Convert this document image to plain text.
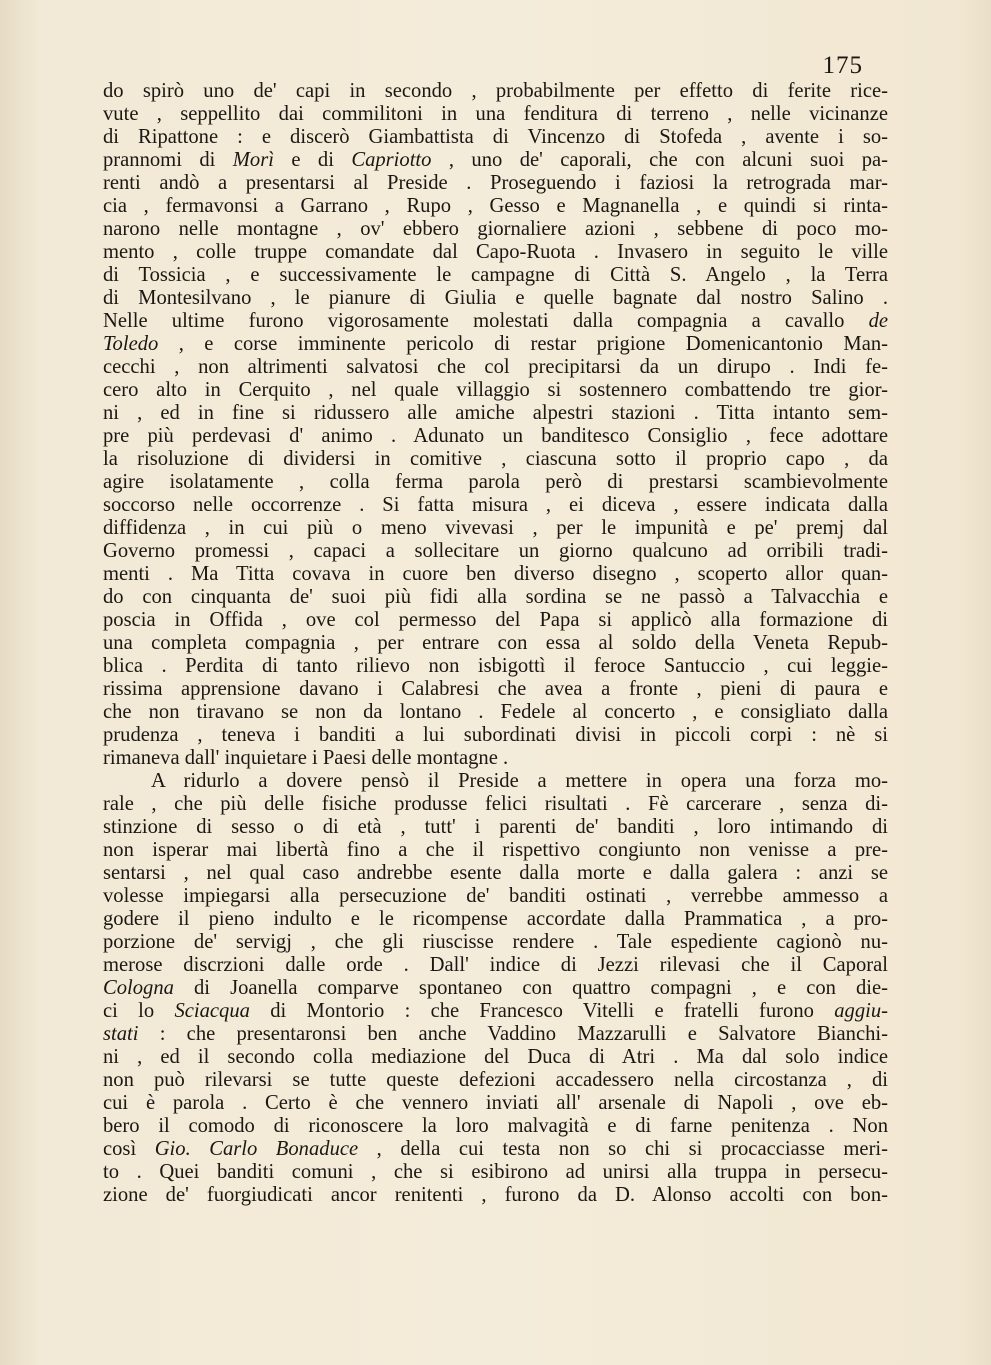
175
do spirò uno de' capi in secondo , probabilmente per effetto di ferite rice-
vute , seppellito dai commilitoni in una fenditura di terreno , nelle vicinanze
di Ripattone : e discerò Giambattista di Vincenzo di Stofeda , avente i so-
prannomi di Morì e di Capriotto , uno de' caporali, che con alcuni suoi pa-
renti andò a presentarsi al Preside . Proseguendo i faziosi la retrograda mar-
cia , fermavonsi a Garrano , Rupo , Gesso e Magnanella , e quindi si rinta-
narono nelle montagne , ov' ebbero giornaliere azioni , sebbene di poco mo-
mento , colle truppe comandate dal Capo-Ruota . Invasero in seguito le ville
di Tossicia , e successivamente le campagne di Città S. Angelo , la Terra
di Montesilvano , le pianure di Giulia e quelle bagnate dal nostro Salino .
Nelle ultime furono vigorosamente molestati dalla compagnia a cavallo de
Toledo , e corse imminente pericolo di restar prigione Domenicantonio Man-
cecchi , non altrimenti salvatosi che col precipitarsi da un dirupo . Indi fe-
cero alto in Cerquito , nel quale villaggio si sostennero combattendo tre gior-
ni , ed in fine si ridussero alle amiche alpestri stazioni . Titta intanto sem-
pre più perdevasi d' animo . Adunato un banditesco Consiglio , fece adottare
la risoluzione di dividersi in comitive , ciascuna sotto il proprio capo , da
agire isolatamente , colla ferma parola però di prestarsi scambievolmente
soccorso nelle occorrenze . Si fatta misura , ei diceva , essere indicata dalla
diffidenza , in cui più o meno vivevasi , per le impunità e pe' premj dal
Governo promessi , capaci a sollecitare un giorno qualcuno ad orribili tradi-
menti . Ma Titta covava in cuore ben diverso disegno , scoperto allor quan-
do con cinquanta de' suoi più fidi alla sordina se ne passò a Talvacchia e
poscia in Offida , ove col permesso del Papa si applicò alla formazione di
una completa compagnia , per entrare con essa al soldo della Veneta Repub-
blica . Perdita di tanto rilievo non isbigottì il feroce Santuccio , cui leggie-
rissima apprensione davano i Calabresi che avea a fronte , pieni di paura e
che non tiravano se non da lontano . Fedele al concerto , e consigliato dalla
prudenza , teneva i banditi a lui subordinati divisi in piccoli corpi : nè si
rimaneva dall' inquietare i Paesi delle montagne .
A ridurlo a dovere pensò il Preside a mettere in opera una forza mo-
rale , che più delle fisiche produsse felici risultati . Fè carcerare , senza di-
stinzione di sesso o di età , tutt' i parenti de' banditi , loro intimando di
non isperar mai libertà fino a che il rispettivo congiunto non venisse a pre-
sentarsi , nel qual caso andrebbe esente dalla morte e dalla galera : anzi se
volesse impiegarsi alla persecuzione de' banditi ostinati , verrebbe ammesso a
godere il pieno indulto e le ricompense accordate dalla Prammatica , a pro-
porzione de' servigj , che gli riuscisse rendere . Tale espediente cagionò nu-
merose discrzioni dalle orde . Dall' indice di Jezzi rilevasi che il Caporal
Cologna di Joanella comparve spontaneo con quattro compagni , e con die-
ci lo Sciacqua di Montorio : che Francesco Vitelli e fratelli furono aggiu-
stati : che presentaronsi ben anche Vaddino Mazzarulli e Salvatore Bianchi-
ni , ed il secondo colla mediazione del Duca di Atri . Ma dal solo indice
non può rilevarsi se tutte queste defezioni accadessero nella circostanza , di
cui è parola . Certo è che vennero inviati all' arsenale di Napoli , ove eb-
bero il comodo di riconoscere la loro malvagità e di farne penitenza . Non
così Gio. Carlo Bonaduce , della cui testa non so chi si procacciasse meri-
to . Quei banditi comuni , che si esibirono ad unirsi alla truppa in persecu-
zione de' fuorgiudicati ancor renitenti , furono da D. Alonso accolti con bon-
